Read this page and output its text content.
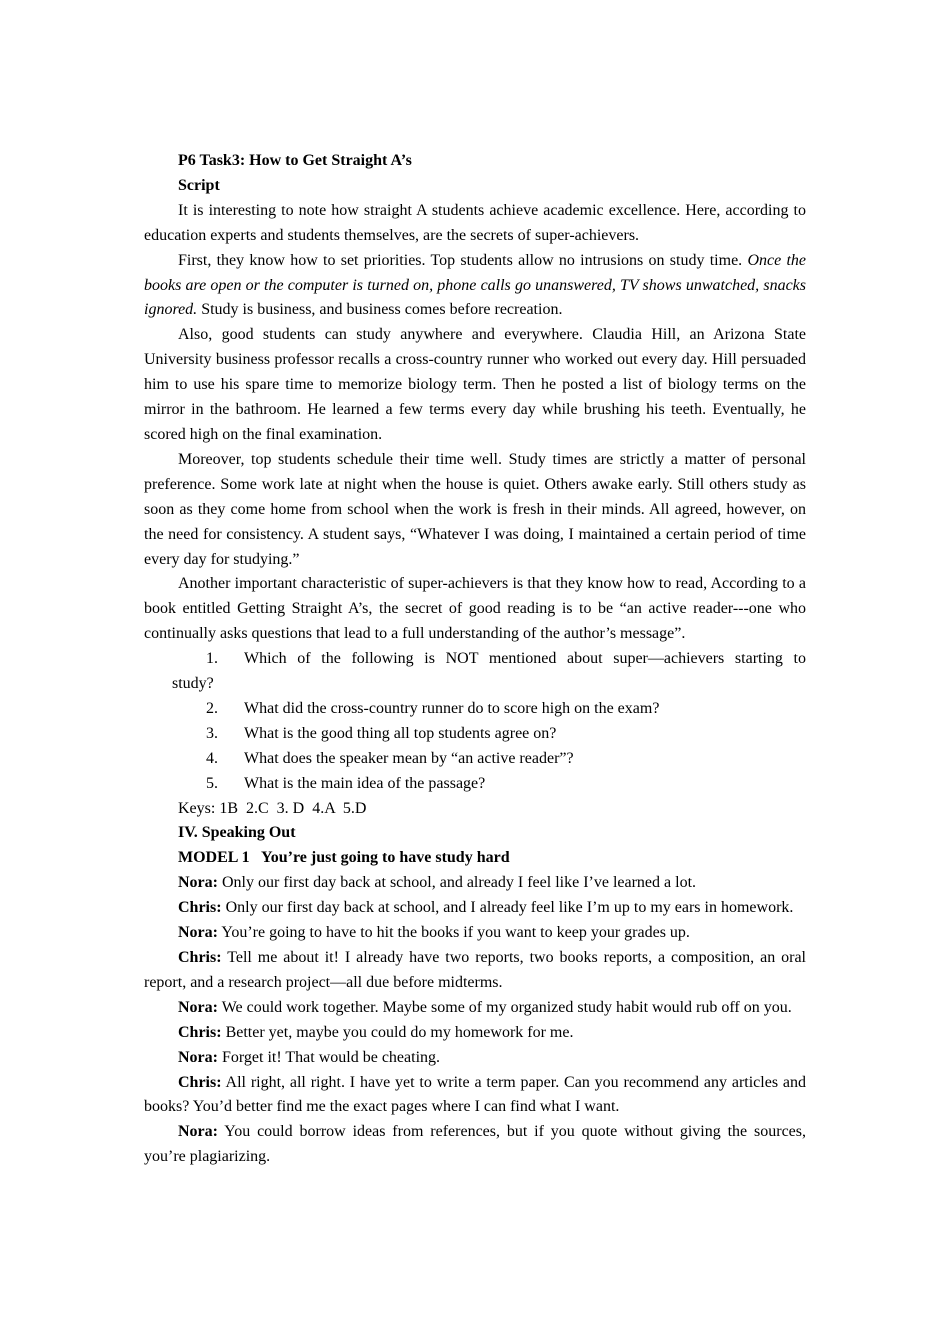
P6 Task3: How to Get Straight A’s

Script

It is interesting to note how straight A students achieve academic excellence. Here, according to education experts and students themselves, are the secrets of super-achievers.

First, they know how to set priorities. Top students allow no intrusions on study time. Once the books are open or the computer is turned on, phone calls go unanswered, TV shows unwatched, snacks ignored. Study is business, and business comes before recreation.

Also, good students can study anywhere and everywhere. Claudia Hill, an Arizona State University business professor recalls a cross-country runner who worked out every day. Hill persuaded him to use his spare time to memorize biology term. Then he posted a list of biology terms on the mirror in the bathroom. He learned a few terms every day while brushing his teeth. Eventually, he scored high on the final examination.

Moreover, top students schedule their time well. Study times are strictly a matter of personal preference. Some work late at night when the house is quiet. Others awake early. Still others study as soon as they come home from school when the work is fresh in their minds. All agreed, however, on the need for consistency. A student says, “Whatever I was doing, I maintained a certain period of time every day for studying.”

Another important characteristic of super-achievers is that they know how to read, According to a book entitled Getting Straight A’s, the secret of good reading is to be “an active reader---one who continually asks questions that lead to a full understanding of the author’s message”.

1. Which of the following is NOT mentioned about super—achievers starting to

study?

2.	What did the cross-country runner do to score high on the exam?

3.	What is the good thing all top students agree on?

4.	What does the speaker mean by “an active reader”?

5.	What is the main idea of the passage?

Keys: 1B  2.C  3. D  4.A  5.D

IV. Speaking Out

MODEL 1   You’re just going to have study hard

Nora: Only our first day back at school, and already I feel like I’ve learned a lot.

Chris: Only our first day back at school, and I already feel like I’m up to my ears in homework.

Nora: You’re going to have to hit the books if you want to keep your grades up.

Chris: Tell me about it! I already have two reports, two books reports, a composition, an oral report, and a research project—all due before midterms.

Nora: We could work together. Maybe some of my organized study habit would rub off on you.

Chris: Better yet, maybe you could do my homework for me.

Nora: Forget it! That would be cheating.

Chris: All right, all right. I have yet to write a term paper. Can you recommend any articles and books? You’d better find me the exact pages where I can find what I want.

Nora: You could borrow ideas from references, but if you quote without giving the sources, you’re plagiarizing.
